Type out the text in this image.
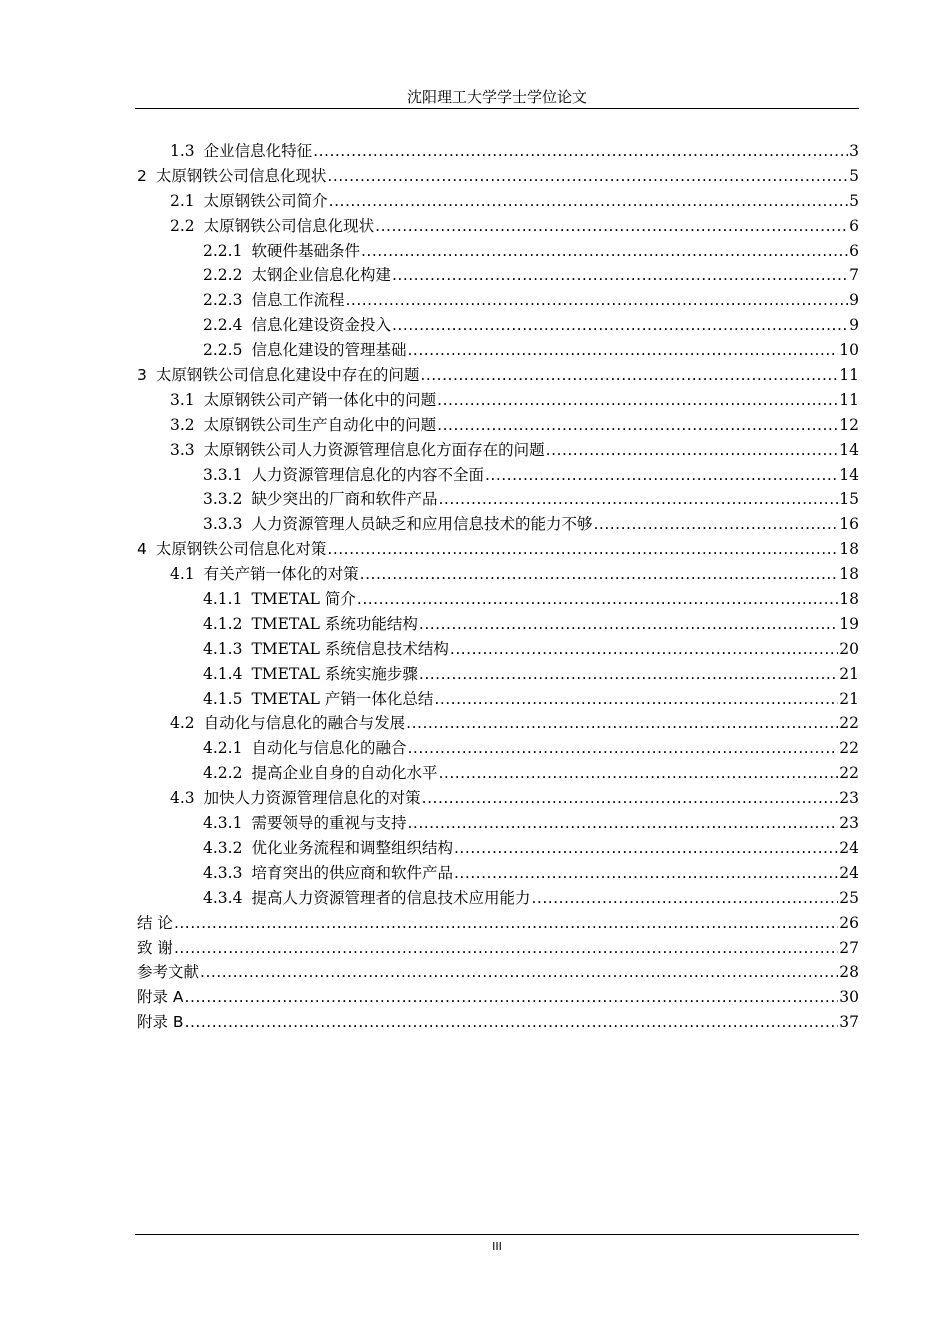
沈阳理工大学学士学位论文
1.3 企业信息化特征 .....	3
2 太原钢铁公司信息化现状 .....	5
2.1 太原钢铁公司简介 .....	5
2.2 太原钢铁公司信息化现状 .....	6
2.2.1 软硬件基础条件 .....	6
2.2.2 太钢企业信息化构建 .....	7
2.2.3 信息工作流程 .....	9
2.2.4 信息化建设资金投入 .....	9
2.2.5 信息化建设的管理基础 .....	10
3 太原钢铁公司信息化建设中存在的问题 .....	11
3.1 太原钢铁公司产销一体化中的问题 .....	11
3.2 太原钢铁公司生产自动化中的问题 .....	12
3.3 太原钢铁公司人力资源管理信息化方面存在的问题 .....	14
3.3.1 人力资源管理信息化的内容不全面 .....	14
3.3.2 缺少突出的厂商和软件产品 .....	15
3.3.3 人力资源管理人员缺乏和应用信息技术的能力不够 .....	16
4 太原钢铁公司信息化对策 .....	18
4.1 有关产销一体化的对策 .....	18
4.1.1 TMETAL 简介 .....	18
4.1.2 TMETAL 系统功能结构 .....	19
4.1.3 TMETAL 系统信息技术结构 .....	20
4.1.4 TMETAL 系统实施步骤 .....	21
4.1.5 TMETAL 产销一体化总结 .....	21
4.2 自动化与信息化的融合与发展 .....	22
4.2.1 自动化与信息化的融合 .....	22
4.2.2 提高企业自身的自动化水平 .....	22
4.3 加快人力资源管理信息化的对策 .....	23
4.3.1 需要领导的重视与支持 .....	23
4.3.2 优化业务流程和调整组织结构 .....	24
4.3.3 培育突出的供应商和软件产品 .....	24
4.3.4 提高人力资源管理者的信息技术应用能力 .....	25
结 论 .....	26
致 谢 .....	27
参考文献 .....	28
附录 A .....	30
附录 B .....	37
III
